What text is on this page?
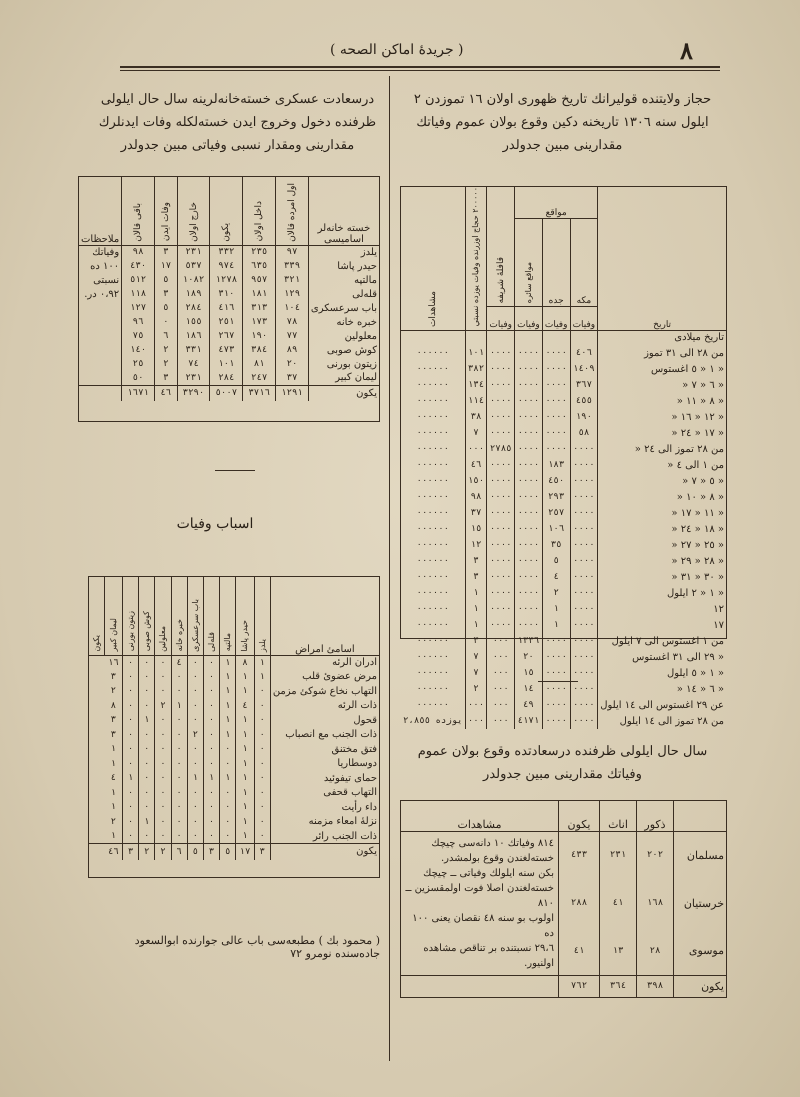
٨
( جريدهٔ اماكن الصحه )
حجاز ولايتنده قوليرانك تاريخ ظهورى اولان ١٦ تموزدن ٢ ايلول سنه ١٣٠٦ تاريخنه دكين وقوع بولان عموم وفياتك مقدارينى مبين جدولدر
تاريخ	مواقع			قافلهٔ شريفه	٢٠٠٠٠٠ حجاج اوزرنده وفيات يوزده نسبتي	مشاهدات
	مكه	جده	مواقع سائره			
	وفيات	وفيات	وفيات	وفيات		
تاريخ ميلادى						
من ٢٨ الى ٣١ تموز	٤٠٦	٠٠٠٠	٠٠٠٠	٠٠٠٠	١٠١	٠٠٠٠٠٠
« ١ « ٥ اغستوس	١٤٠٩	٠٠٠٠	٠٠٠٠	٠٠٠٠	٣٨٢	٠٠٠٠٠٠
« ٦ « ٧ «	٣٦٧	٠٠٠٠	٠٠٠٠	٠٠٠٠	١٣٤	٠٠٠٠٠٠
« ٨ « ١١ «	٤٥٥	٠٠٠٠	٠٠٠٠	٠٠٠٠	١١٤	٠٠٠٠٠٠
« ١٢ « ١٦ «	١٩٠	٠٠٠٠	٠٠٠٠	٠٠٠٠	٣٨	٠٠٠٠٠٠
« ١٧ « ٢٤ «	٥٨	٠٠٠٠	٠٠٠٠	٠٠٠٠	٧	٠٠٠٠٠٠
من ٢٨ تموز الى ٢٤ «	٠٠٠٠	٠٠٠٠	٠٠٠٠	٢٧٨٥	٠٠٠	٠٠٠٠٠٠
من ١ الى ٤ «	٠٠٠٠	١٨٣	٠٠٠٠	٠٠٠٠	٤٦	٠٠٠٠٠٠
« ٥ « ٧ «	٠٠٠٠	٤٥٠	٠٠٠٠	٠٠٠٠	١٥٠	٠٠٠٠٠٠
« ٨ « ١٠ «	٠٠٠٠	٢٩٣	٠٠٠٠	٠٠٠٠	٩٨	٠٠٠٠٠٠
« ١١ « ١٧ «	٠٠٠٠	٢٥٧	٠٠٠٠	٠٠٠٠	٣٧	٠٠٠٠٠٠
« ١٨ « ٢٤ «	٠٠٠٠	١٠٦	٠٠٠٠	٠٠٠٠	١٥	٠٠٠٠٠٠
« ٢٥ « ٢٧ «	٠٠٠٠	٣٥	٠٠٠٠	٠٠٠٠	١٢	٠٠٠٠٠٠
« ٢٨ « ٢٩ «	٠٠٠٠	٥	٠٠٠٠	٠٠٠٠	٣	٠٠٠٠٠٠
« ٣٠ « ٣١ «	٠٠٠٠	٤	٠٠٠٠	٠٠٠٠	٣	٠٠٠٠٠٠
« ١ « ٢ ايلول	٠٠٠٠	٢	٠٠٠٠	٠٠٠٠	١	٠٠٠٠٠٠
١٢	٠٠٠٠	١	٠٠٠٠	٠٠٠٠	١	٠٠٠٠٠٠
١٧	٠٠٠٠	١	٠٠٠٠	٠٠٠٠	١	٠٠٠٠٠٠
من ١ اغستوس الى ٧ ايلول	٠٠٠٠	٠٠٠٠	١٣٣٦	٠٠٠	٣	٠٠٠٠٠٠
« ٢٩ الى ٣١ اغستوس	٠٠٠٠	٠٠٠٠	٢٠	٠٠٠	٧	٠٠٠٠٠٠
« ١ « ٥ ايلول	٠٠٠٠	٠٠٠٠	١٥	٠٠٠	٧	٠٠٠٠٠٠
« ٦ « ١٤ «	٠٠٠٠	٠٠٠٠	١٤	٠٠٠	٢	٠٠٠٠٠٠
عن ٢٩ اغستوس الى ١٤ ايلول	٠٠٠٠	٠٠٠٠	٤٩	٠٠٠	٠٠٠	٠٠٠٠٠٠
من ٢٨ تموز الى ١٤ ايلول	٠٠٠٠	٠٠٠٠	٤١٧١	٠٠٠	٠٠٠	يوزده ٢،٨٥٥
سال حال ايلولى ظرفنده درسعادتده وقوع بولان عموم وفياتك مقدارينى مبين جدولدر
	ذكور	اناث	يكون	مشاهدات
مسلمان	٢٠٢	٢٣١	٤٣٣	٨١٤ وفياتك ١٠ دانه‌سى چيچك خسته‌لغندن وقوع بولمشدر.
بكن سنه ايلولك وفياتى ــ چيچك خسته‌لغندن اصلا فوت اولمقسزين ــ ٨١٠
اولوب بو سنه ٤٨ نقصان يعنى ١٠٠ ده
٢٩،٦ نسبتنده بر تناقص مشاهده اولنيور.

خرستيان	١٦٨	٤١	٢٨٨	
موسوى	٢٨	١٣	٤١	
يكون	٣٩٨	٣٦٤	٧٦٢	
درسعادت عسكرى خسته‌خانه‌لرينه سال حال ايلولى ظرفنده دخول وخروج ايدن خسته‌لكله وفات ايدنلرك مقدارينى ومقدار نسبى وفياتى مبين جدولدر
خسته خانه‌لر اسامیسی	اول امرده قالان	داخل اولان	يكون	خارج اولان	وفات ايدن	باقى قالان	ملاحظات
يلدز	٩٧	٢٣٥	٣٣٢	٢٣١	٣	٩٨	وفياتك
حيدر پاشا	٣٣٩	٦٣٥	٩٧٤	٥٣٧	١٧	٤٣٠	١٠٠ ده
مالتپه	٣٢١	٩٥٧	١٢٧٨	١٠٨٢	٥	٥١٢	نسبتى
قله‌لى	١٢٩	١٨١	٣١٠	١٨٩	٣	١١٨	٠،٩٢ در.
باب سرعسكرى	١٠٤	٣١٣	٤١٦	٢٨٤	٥	١٢٧	
خبره خانه	٧٨	١٧٣	٢٥١	١٥٥	٠	٩٦	
معلولين	٧٧	١٩٠	٢٦٧	١٨٦	٦	٧٥	
كوش صوبى	٨٩	٣٨٤	٤٧٣	٣٣١	٢	١٤٠	
زيتون بورنى	٢٠	٨١	١٠١	٧٤	٢	٢٥	
ليمان كبير	٣٧	٢٤٧	٢٨٤	٢٣١	٣	٥٠	
يكون	١٢٩١	٣٧١٦	٥٠٠٧	٣٢٩٠	٤٦	١٦٧١	
اسباب وفيات
اسامئ امراض	يلدز	حيدر پاشا	مالتپه	قله‌لى	باب سرعسكرى	خبره خانه	معلولين	كوش صوبى	زيتون بورنى	ليمان كبير	يكون
ادران الرئه	١	٨	١	٠	٠	٤	٠	٠	٠	١٦	
مرض عضوئ قلب	١	١	١	٠	٠	٠	٠	٠	٠	٣	
التهاب نخاع شوكئ مزمن	٠	١	١	٠	٠	٠	٠	٠	٠	٢	
ذات الرئه	٠	٤	١	٠	٠	١	٢	٠	٠	٨	
قحول	٠	١	١	٠	٠	٠	٠	١	٠	٣	
ذات الجنب مع انصباب	٠	١	١	٠	٢	٠	٠	٠	٠	٣	
فتق مختنق	٠	١	٠	٠	٠	٠	٠	٠	٠	١	
دوسطاريا	٠	١	٠	٠	٠	٠	٠	٠	٠	١	
حماى تيفوئيد	٠	١	١	١	١	٠	٠	٠	١	٤	
التهاب قحفى	٠	١	٠	٠	٠	٠	٠	٠	٠	١	
داء رأيت	٠	١	٠	٠	٠	٠	٠	٠	٠	١	
نزلهٔ امعاء مزمنه	٠	١	٠	٠	٠	٠	٠	١	٠	٢	
ذات الجنب رائر	٠	١	٠	٠	٠	٠	٠	٠	٠	١	
يكون	٣	١٧	٥	٣	٥	٦	٢	٢	٣	٤٦	
( محمود بك ) مطبعه‌سى باب عالى جوارنده ابوالسعود جاده‌سنده نومرو ٧٢
